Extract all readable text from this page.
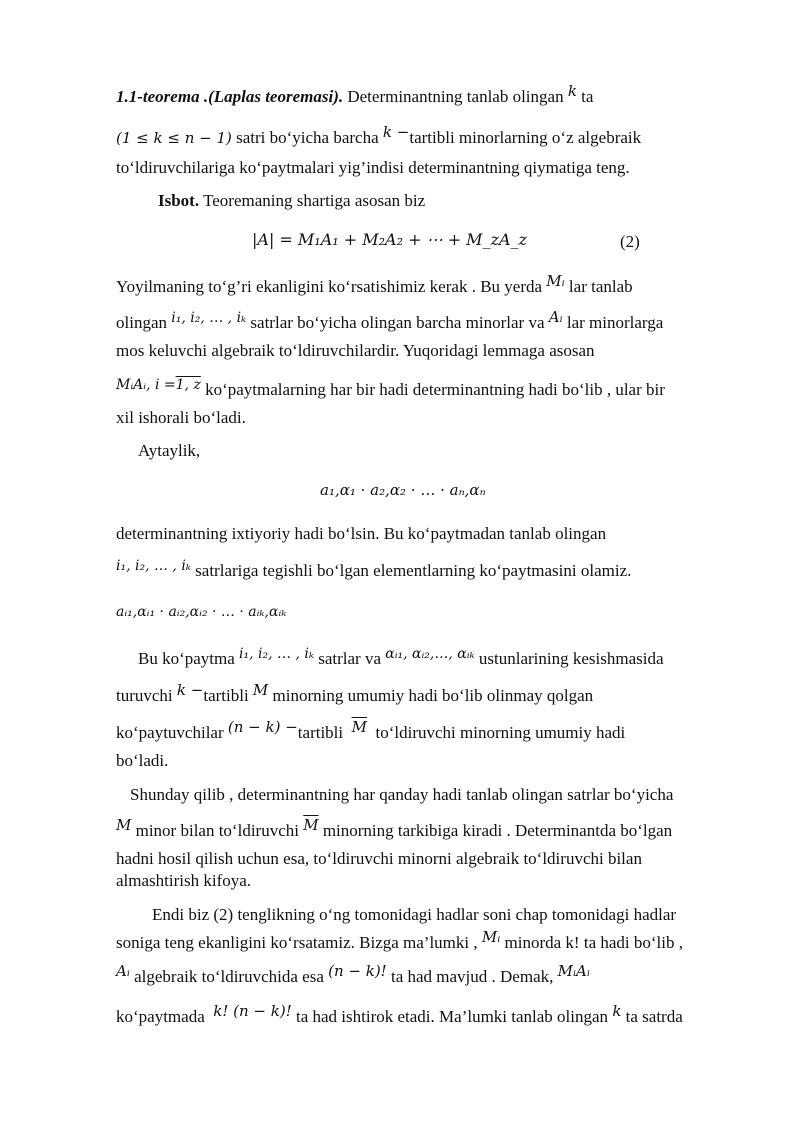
1.1-teorema .(Laplas teoremasi). Determinantning tanlab olingan k ta
(1 ≤ k ≤ n − 1) satri bo‘yicha barcha k −tartibli minorlarning o‘z algebraik
to‘ldiruvchilariga ko‘paytmalari yig’indisi determinantning qiymatiga teng.
Isbot. Teoremaning shartiga asosan biz
|A| = M₁A₁ + M₂A₂ + ⋯ + M_zA_z	(2)
Yoyilmaning to‘g’ri ekanligini ko‘rsatishimiz kerak . Bu yerda Mᵢ lar tanlab
olingan $^{i_1, i_2, \dots , i_k}$ satrlar bo‘yicha olingan barcha minorlar va Aᵢ lar minorlarga
mos keluvchi algebraik to‘ldiruvchilardir. Yuqoridagi lemmaga asosan
$^{MᵢAᵢ, i =1, z}$ ko‘paytmalarning har bir hadi determinantning hadi bo‘lib , ular bir
xil ishorali bo‘ladi.
Aytaylik,
a₁,α₁ · a₂,α₂ · … · aₙ,αₙ
determinantning ixtiyoriy hadi bo‘lsin. Bu ko‘paytmadan tanlab olingan
$^{i_1, i_2, \dots , i_k}$ satrlariga tegishli bo‘lgan elementlarning ko‘paytmasini olamiz.
aᵢ₁,αᵢ₁ · aᵢ₂,αᵢ₂ · … · aᵢₖ,αᵢₖ
Bu ko‘paytma $^{i_1, i_2, \dots , i_k}$ satrlar va $^{\alpha ᵢ_1, \alpha ᵢ_2,\dots, \alpha ᵢ_k}$ ustunlarining kesishmasida
turuvchi k −tartibli M minorning umumiy hadi bo‘lib olinmay qolgan
ko‘paytuvchilar (n − k) −tartibli $\overline{M}$ to‘ldiruvchi minorning umumiy hadi
bo‘ladi.
Shunday qilib , determinantning har qanday hadi tanlab olingan satrlar bo‘yicha
M minor bilan to‘ldiruvchi $\overline{M}$ minorning tarkibiga kiradi . Determinantda bo‘lgan
hadni hosil qilish uchun esa, to‘ldiruvchi minorni algebraik to‘ldiruvchi bilan
almashtirish kifoya.
Endi biz (2) tenglikning o‘ng tomonidagi hadlar soni chap tomonidagi hadlar
soniga teng ekanligini ko‘rsatamiz. Bizga ma’lumki , Mᵢ minorda k! ta hadi bo‘lib ,
Aᵢ algebraik to‘ldiruvchida esa (n − k)! ta had mavjud . Demak, MᵢAᵢ
ko‘paytmada k! (n − k)! ta had ishtirok etadi. Ma’lumki tanlab olingan k ta satrda
